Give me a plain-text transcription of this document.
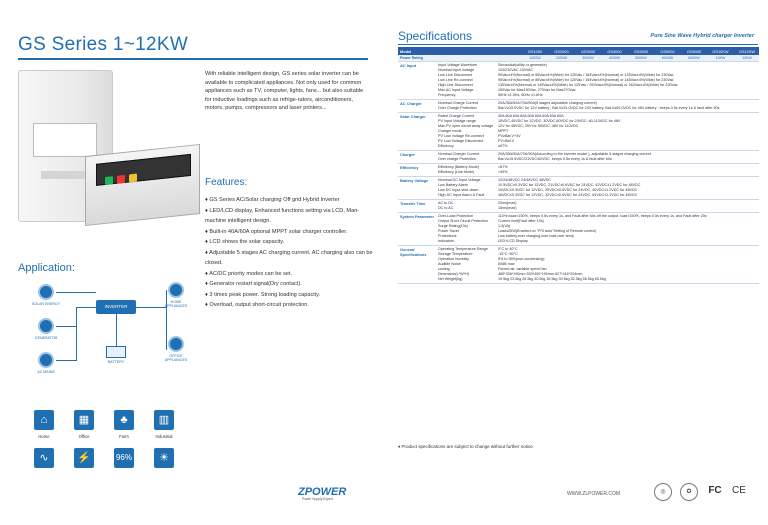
GS Series 1~12KW
With reliable intelligent design, GS series solar inverter can be available to complicated appliances. Not only used for common appliances such as TV, computer, lights, fans... but also suitable for inductive loadings such as refrige-rators, airconditioners, motors, pumps, compressors and laser printers...
Features:
♦ GS Series AC/Solar charging Off grid Hybrid Inverter
♦ LED/LCD display, Enhanced functions setting via LCD, Man-machine intelligent design.
♦ Built-in 40A/60A optional MPPT solar charger controller.
♦ LCD shows the solar capacity.
♦ Adjustable 5 stages AC charging current. AC charging also can be closed.
♦ AC/DC priority modes can be set.
♦ Generator restart signal(Dry contact).
♦ 3 times peak power. Strong loading capacity.
♦ Overload, output short-circuit protection.
Application:
SOLAR ENERGY
GENERATOR
AC MAINS
INVERTER
BATTERY
HOME APPLIANCES
OFFICE APPLIANCES
⌂
Home
▦
Office
♣
Farm
▥
Industrial
∿	⚡	96%	☀
ZPOWER
Power Supply Expert
Specifications	Pure Sine Wave Hybrid charger Inverter
Model	GS1000	GS2000	GS3000	GS4000	GS5000	GS6000	GS8000	GS10KW	GS12KW
Power Rating	1000W	2000W	3000W	4000W	5000W	6000W	8000W	10KW	12KW
AC Input	Input Voltage Waveform	Sinusoidal(utility or generator)
Nominal Input Voltage	120/230VAC 230VAC
Low Line Disconnect	90Vac±4%(Normal) or 65Vac±4%(Wide) for 120Vac / 184Vac±4%(Normal) or 135Vac±4%(Wide) for 230Vac
Low Line Re-connect	95Vac±4%(Normal) or 85Vac±4%(Wide) for 120Vac / 194Vac±4%(Normal) or 145Vac±4%(Wide) for 230Vac
High Line Disconnect	130Vac±4%(Normal) or 145Vac±4%(Wide) for 120Vac / 253Vac±4%(Normal) or 262Vac±4%(Wide) for 230Vac
Max AC Input Voltage	150Vac for Max150Vac, 270Vac for Max270Vac
Frequency	50Hz ±1.5Hz, 60Hz ±1.6Hz
AC Charger	Nominal Charge Current	20A/35A/50A/70A/90A(5 stages adjustable charging current)
Over Charge Protection	Bat.V≥15.5VDC for 12V battery ; Bat.V≥31.0VDC for 24V battery, Bat.V≥62.0VDC for 48V battery ; beeps 0.5s every 1s & fault after 60s
Solar Charger	Rated Charge Current	40A 60A 60A 60A 60A 60A 60A 60A 60A
PV Input Voltage range	15VDC-40VDC for 12VDC; 30VDC-60VDC for 24VDC; 60-110VDC for 48V
Max.PV open circuit array voltage	12V for 48VDC; 25V for 55VDC; 48V for 110VDC
Charger mode	MPPT
PV Low Voltage Re-connect	PV≥Bat.V+3V
PV Low Voltage Disconnect	PV<Bat.V
Efficiency	≥97%
Charger	Nominal Charger Current	20A/35A/50A/70A/90A(According to the inverter model ), adjustable 5 stages charging current
Over charge Protection	Bat.V≥15.5VDC/31VDC/62VDC, beeps 0.5s every 1s & fault after 60s
Efficiency	Efficiency (Battery Mode)	>87%
Efficiency (Line Mode)	>95%
Battery Voltage	Nominal DC Input Voltage	12/24/48VDC 24/48VDC 48VDC
Low Battery Alarm	10.5VDC±0.3VDC for 12VDC, 21VDC±0.6VDC for 24VDC, 42VDC±1.2VDC for 48VDC
Low DC Input shut-down	10VDC±0.3VDC for 12VDC, 20VDC±0.6VDC for 24VDC, 40VDC±1.2VDC for 48VDC
High DC Input Alarm & Fault	16VDC±0.3VDC for 12VDC, 32VDC±0.6VDC for 24VDC, 64VDC±1.2VDC for 48VDC
Transfer Time	AC to DC	20ms(max)
DC to AC	15ms(max)
System Parameter	Over-Load Protection	110%<load<150%, beeps 0.5s every 1s, and Fault after 60s off the output, load>150%, beeps 0.5s every 1s, and Fault after 20s
Output Short Circuit Protection	Current limit(Fault after 10s)
Surge Rating(10s)	1:3(VA)
Power Saver	Load≤25W(Enabled on "P/S auto"Setting of Remote control)
Protections	Low battery,over charging,over load,over temp
Indicators	LED+LCD Display
General Specifications
Operating Temperature Range	0°C to 40°C
Storage Temperature	-15°C~60°C
Operation humidity	5% to 95%(non-condensing)
Audible Noise	60dB max
cooling	Forced air, variable speed fan
Dimension(L*W*H)	480*336*190mm 530*400*190mm 627*416*204mm
Net Weight(kg)	19.5kg 23.5kg 26.5kg 30.5kg 35.5kg 39.5kg 52.5kg 56.5kg 65.5kg
♦ Product specifications are subject to change without further notice.
WWW.ZLPOWER.COM	◎	✪	FC CE
